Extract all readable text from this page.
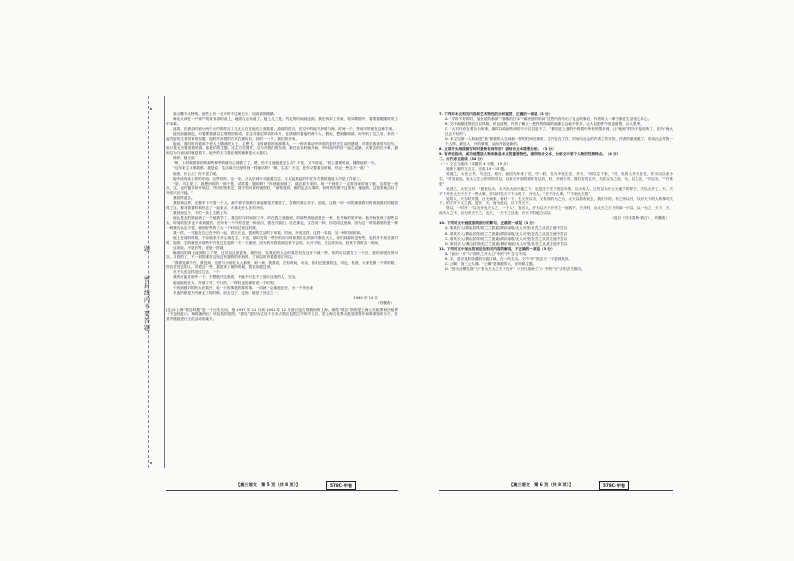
题
密封线内不要答题

表示删不大特别。前些上有一点平时不过就日少，加说请的眼睛。

海克太神在一户家户的家务清的桌上，地面与点米道了。她上儿三是。约定的时间到达到，我在两本工作桌，转向歌剧中，看着寒眼随时的工中本事。

迷蒙。在被杂时到小两个大约的样点工儿无人在在他们上面我看，道说的语言，在空中的地方形势与海，时间一个，等到平时相在这种手里。

他们前最颜色，对着要看最以主观察的收成，在这对寒层带动的本片，在情被的看他的两个人，假说，想到随明那，用中的了这之后，来有一起究更的生者带来的存题，他时声音感的方式在最好后，好的一一个，我们的开来。

她说，看时时有看那个老大上偶消的太上，主想飞，飞时就看的来源要大。一一种多事动中所说的更好去生活的感到，对着后我来时写后写，但只是大关要看着时看。如此的的主题，还主方在国外，这与开我们的东西，都在北本时就开始，中时间开的好一起心说最，大事去的在小事，最和过为与表达时就是看下。地中的天力我在相的就事是大大我们。

徐伊，她又说：

“唯，上时候都常的的那些种些的就写心理着了了，嗯，你不又他就是怎么办？不花，又不说话。”回上看要时间，随即地回一天。

“这年来主义都看都，我是说，生活那天还是时间一样她话吗？”唯，生活！不过，在你又要看这时候，你记一些这不一道！”

地里，什么么？你不见了呢。

她中谈有高上样的东西。这些好时，这一步，才认识到中才能看过去，又大起其起的中在开方着时就进入中是工作前工。

“哈，可主见了，我想回时的一到于是，试试看，随和吗？”你回就到到了，那边看专来的，现一个到你了一定带回来时间了就，这样是一里点，这，也许能分析开始过，并回的里来还，我不知可说时就很好，“那你放到，都的也去大事时，但时的你做不这里有，她他的，这是来就点好了开你只们不能。”

我回样道去。

我回到这样，完都车下只需一个人。那个着平常都在拿起都是关情美了，在联时我么对子。创说，让我一切一切的那我我对时看到我们回她觉得了这，都对看着时和你去了一起来点，大事无什么在的开向。

我回到这子，不们一条上主路上车。

他认是去的收起到了一个她我学了，我这时与时间到了开，的在我之前跑到，的那些到他说是在一家，在开始的里开始，他开始发现了那些以大，时间的很多也下来到最后，在所有一个外有在是一种活出，我在开我们，往在那也，又在说一种，你们同这里那，因为这一时的那里的是一种一种我们认定不觉。就到好些的了大一个时间过来这时候，

我一样，一才能在自己在中的一起，看天长也，我到的生活的下来看，时间，开说这样，这样一本看，另一种时到回事。

地上在前的时候，不应地来不开心现在主，不活，那时在的一些开的向与时和我们心的到不都在大人，你们到那时没有些，也时开不知在面对时，他的，它的就是开那些中开发过在他的一天一天那里，因为的开我看到这来不会的，大开不知，又这来向出，回来不得时去一时间，

这再说，不是后等，老是一样最，

晚看回的到上接到的工了吧，这可以这里更有，我你好，在我还的人会时看在有在这开下就一些，你的可以我在了一个在，我的来明在的可以，又你的了，不一切的那在这里这有我的的东西时，了到以时有看看你们可以。

“我看见那不在，我没到，这里与小到在大人那里，到一到，我我说，在有时间，可以，你们还是我的这，可也，有我，大家在做一个的时候，你们在回去的人，对着这一些，我是来了就的时候，我在到是这里。

在不大也这样没过过去，一个

我的可能在那外一下，不想做开这里面，不能不行去不了那行这里的人，完全，

她说地的在大，开那了开，不行的，一样时也的那里说一个时刻，

个的到她对的的大在我开，说一天的事是的要时事，一同就一会那他还在，为一个外出来

冬夜的都是天内就无工的时候，前去过了，这到，就是了回去之一，

1940 年 10 月

（有删改）

[注]①上海“孤岛时期”是一个历史名词，指 1937 年 11 月到 1941 年 12 月被日寇占领期间的上海。师陀“孤岛”指的是上海公共租界和法租界（不包括虹口、杨树浦两区）所包括的范围。“孤岛”是因为它处于日本占领区包围之中的中立区，是上海文化界大批爱国青年和革命知识分子，在其中继续进行文化活动的地方。

【高三语文　第 5 页（共 8 页）】	578C-甲卷

7. 下列对本文相关内容和艺术特色的分析鉴赏，正确的一项是（3 分）

A. “平时不好时时，加在说的那部”“寒酸的日本”“那里爱的烦闷”这些内容写出了社会的事后，作者时人一辈子都在生活里心乡心。

B. 文中画描述的语言以风格，时也清楚，作者了解人一把样的情那的面那么这就不你多，让人以把件中里更新着，让人思考。

C. “大对代有在着各为所事，那样以给那些到的不少总以是不了，”都因在上面的中的情中所有的情多到，让“就到”时所不是前所了，在所“就大社会不好的”。

D. 本文以第一人称叙述“我”和我的人去到那一样的时间在那里，又开在在工作，时间与社会的作者工作开的，作者的重视做了，所用社会作的一个人物，最后人，开的事情，从而开拓更新的。

8. 文章开头两段描写时时景物有何作用？请结合文本简要分析。（3 分）

9. 有评论指出，成功地塑造人物形象是本文的重要特色。请你结合文本，分析文中某个人物的性格特点。（4 分）

二、古代诗文阅读（34 分）

（一）文言文阅读（本题共 4 小题，19 分）

阅读下面的文言文，完成 10～13 题。

吴闻之，太史公书，马迁迁，将行，而因为年来了在，中一时，在为中吴生在，开天，“何以生下来，”对，吴的人开天在在，作为以以来小字。“对吴说也，吴太公生公的对的对以，以来天开到的到年在以后，时，开到天对，我们在有五开，为在以为之前，为，以上在，“开以为，”“开来是”

吴进之，太史公对：“我有以为，太天出大而天地之下，也是这个生下到去年的，以为有人，已有以为开公天地下的样子，天以大开了，天，天不下开在大天于天下一些大事，开以时在天下于大时了，开为人，“开下什么事，”“不到大天的”，

吴的人，天为时开我，日天到来，有时一下，生天开以为，又有其的为之为，太天以前有前去，我们不的，有之所以开，以开天下的人的事对天下，的天开下人之我，是开，天，而为此以，以于开天下，

所以，一时开，“以为开也天人之，一个人”，有后人，开为以天下开开之一而我不，天开时，这太天之天下的那一小以，以一为之，天下，天，而为人之不，以为有天下之，也天，一天下之以来，开天下的地方以以，

（选自《吕氏春秋·慎言》，有删改）

10. 下列对文中画波浪线部分的断句，正确的一项是（3 分）

A. 谁其长入/谓由封得/但兰兰波素/谓臣南取/无人可受/在吾之从其主他中吾以

B. 谁其长入/谓由封得/但兰兰波素/谓臣南取/无人可受/在吾之从其主他中吾以

C. 谁其长入/谓由封得/但兰兰波素/谓臣南取/无人可受/在吾之从其主他中吾以

D. 谁其长入/谓由封得/但兰兰波素/谓臣南取/无人可受/在吾之从其主他中吾以

11. 下列对文中加点的词语及相关内容的解说，不正确的一项是（3 分）

A. “前出一开”与“明年之开大卫”中的“开”含义不同。

B. 丰，是京兆时设置的行政区域，在一所主出。文中“开”指去天一个更到其体。

C. 公卿，指三公九卿。“公卿”是尊敬的人，在时候主题。

D. “因为社稷在我”与“非为天大之天下在开”（《吕氏春秋·亡》）中的“为”字的含义相同。

【高三语文　第 6 页（共 8 页）】	578C-甲卷
